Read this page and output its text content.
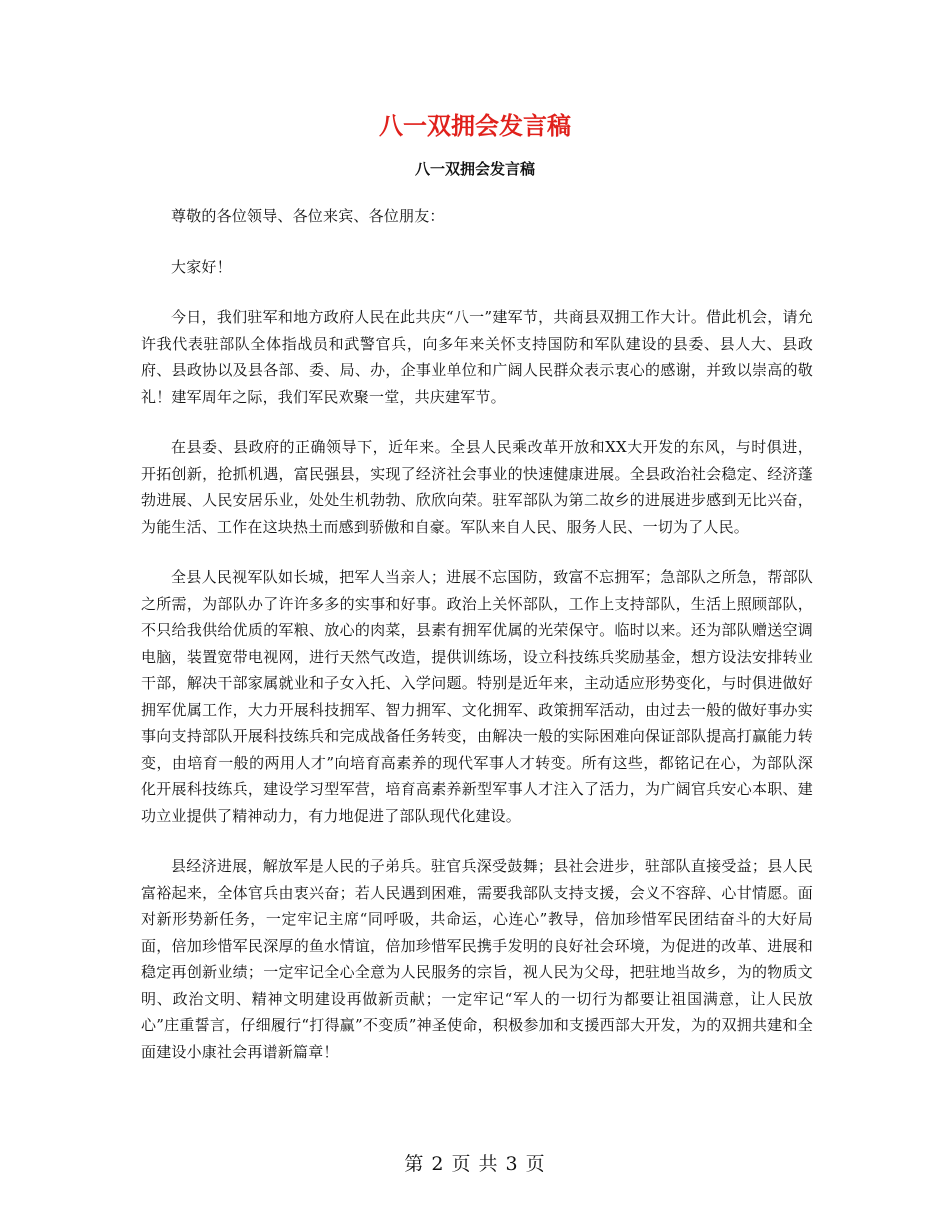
八一双拥会发言稿
八一双拥会发言稿

尊敬的各位领导、各位来宾、各位朋友：

大家好！

今日，我们驻军和地方政府人民在此共庆“八一”建军节，共商县双拥工作大计。借此机会，请允许我代表驻部队全体指战员和武警官兵，向多年来关怀支持国防和军队建设的县委、县人大、县政府、县政协以及县各部、委、局、办，企事业单位和广阔人民群众表示衷心的感谢，并致以崇高的敬礼！建军周年之际，我们军民欢聚一堂，共庆建军节。

在县委、县政府的正确领导下，近年来。全县人民乘改革开放和XX大开发的东风，与时俱进，开拓创新，抢抓机遇，富民强县，实现了经济社会事业的快速健康进展。全县政治社会稳定、经济蓬勃进展、人民安居乐业，处处生机勃勃、欣欣向荣。驻军部队为第二故乡的进展进步感到无比兴奋，为能生活、工作在这块热土而感到骄傲和自豪。军队来自人民、服务人民、一切为了人民。

全县人民视军队如长城，把军人当亲人；进展不忘国防，致富不忘拥军；急部队之所急，帮部队之所需，为部队办了许许多多的实事和好事。政治上关怀部队，工作上支持部队，生活上照顾部队，不只给我供给优质的军粮、放心的肉菜，县素有拥军优属的光荣保守。临时以来。还为部队赠送空调电脑，装置宽带电视网，进行天然气改造，提供训练场，设立科技练兵奖励基金，想方设法安排转业干部，解决干部家属就业和子女入托、入学问题。特别是近年来，主动适应形势变化，与时俱进做好拥军优属工作，大力开展科技拥军、智力拥军、文化拥军、政策拥军活动，由过去一般的做好事办实事向支持部队开展科技练兵和完成战备任务转变，由解决一般的实际困难向保证部队提高打赢能力转变，由培育一般的两用人才”向培育高素养的现代军事人才转变。所有这些，都铭记在心，为部队深化开展科技练兵，建设学习型军营，培育高素养新型军事人才注入了活力，为广阔官兵安心本职、建功立业提供了精神动力，有力地促进了部队现代化建设。

县经济进展，解放军是人民的子弟兵。驻官兵深受鼓舞；县社会进步，驻部队直接受益；县人民富裕起来，全体官兵由衷兴奋；若人民遇到困难，需要我部队支持支援，会义不容辞、心甘情愿。面对新形势新任务，一定牢记主席“同呼吸，共命运，心连心”教导，倍加珍惜军民团结奋斗的大好局面，倍加珍惜军民深厚的鱼水情谊，倍加珍惜军民携手发明的良好社会环境，为促进的改革、进展和稳定再创新业绩；一定牢记全心全意为人民服务的宗旨，视人民为父母，把驻地当故乡，为的物质文明、政治文明、精神文明建设再做新贡献；一定牢记“军人的一切行为都要让祖国满意，让人民放心”庄重誓言，仔细履行“打得赢”不变质”神圣使命，积极参加和支援西部大开发，为的双拥共建和全面建设小康社会再谱新篇章！

第 2 页 共 3 页
